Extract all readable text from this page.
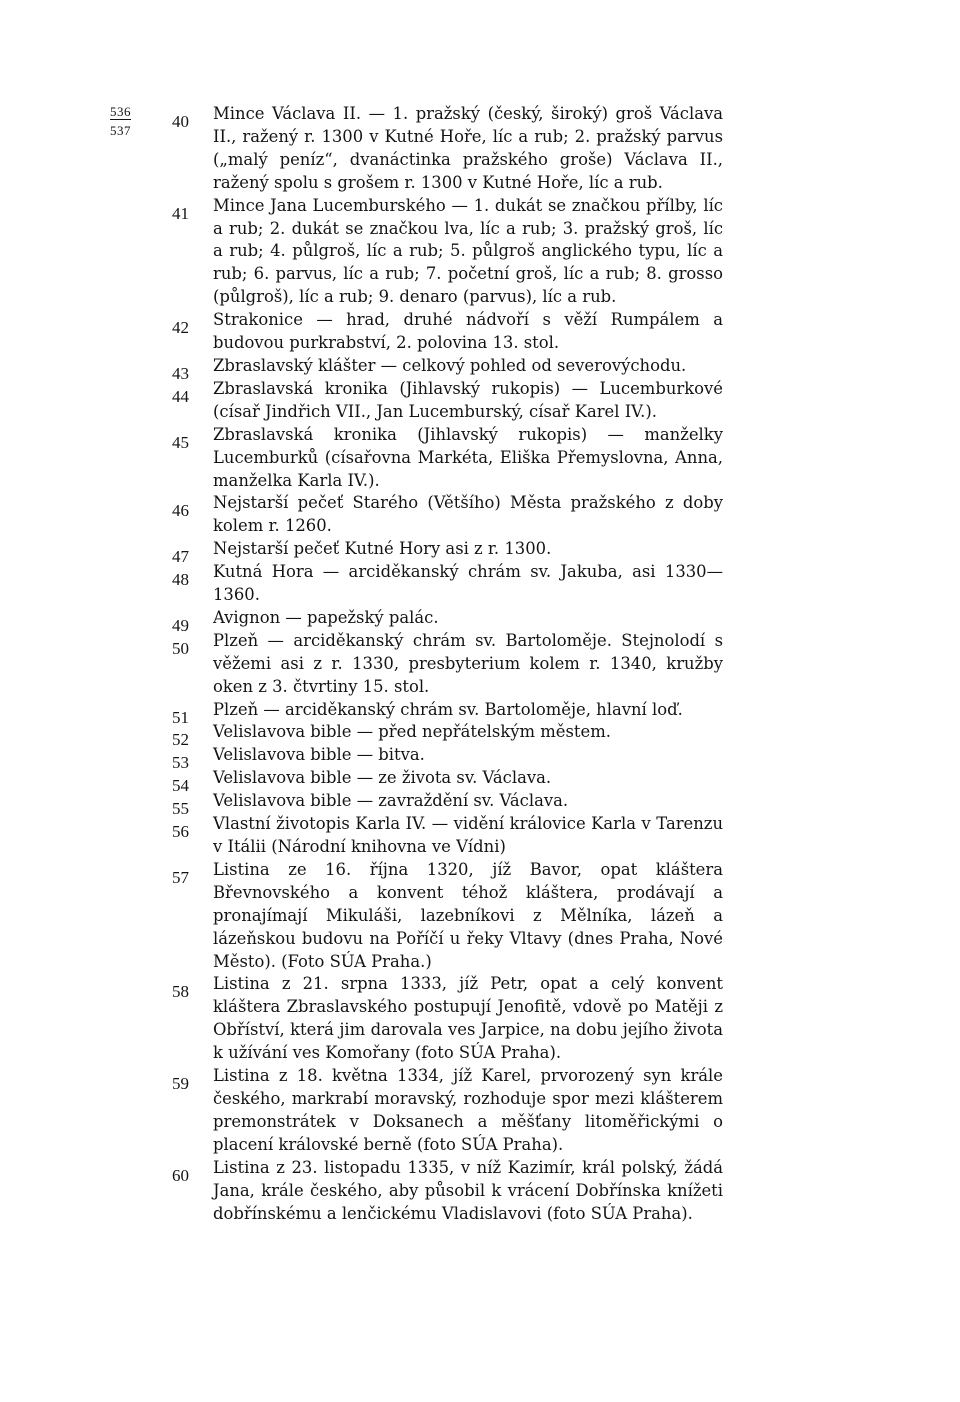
536
537 40 Mince Václava II. — 1. pražský (český, široký) groš Václava II., ražený r. 1300 v Kutné Hoře, líc a rub; 2. pražský parvus („malý peníz“, dvanáctinka pražského groše) Václava II., ražený spolu s grošem r. 1300 v Kutné Hoře, líc a rub.
41 Mince Jana Lucemburského — 1. dukát se značkou přílby, líc a rub; 2. dukát se značkou lva, líc a rub; 3. pražský groš, líc a rub; 4. půlgroš, líc a rub; 5. půlgroš anglického typu, líc a rub; 6. parvus, líc a rub; 7. početní groš, líc a rub; 8. grosso (půlgroš), líc a rub; 9. denaro (parvus), líc a rub.
42 Strakonice — hrad, druhé nádvoří s věží Rumpálem a budovou purkrabství, 2. polovina 13. stol.
43 Zbraslavský klášter — celkový pohled od severovýchodu.
44 Zbraslavská kronika (Jihlavský rukopis) — Lucemburkové (císař Jindřich VII., Jan Lucemburský, císař Karel IV.).
45 Zbraslavská kronika (Jihlavský rukopis) — manželky Lucemburků (císařovna Markéta, Eliška Přemyslovna, Anna, manželka Karla IV.).
46 Nejstarší pečeť Starého (Většího) Města pražského z doby kolem r. 1260.
47 Nejstarší pečeť Kutné Hory asi z r. 1300.
48 Kutná Hora — arciděkanský chrám sv. Jakuba, asi 1330—1360.
49 Avignon — papežský palác.
50 Plzeň — arciděkanský chrám sv. Bartoloměje. Stejnolodí s věžemi asi z r. 1330, presbyterium kolem r. 1340, kružby oken z 3. čtvrtiny 15. stol.
51 Plzeň — arciděkanský chrám sv. Bartoloměje, hlavní loď.
52 Velislavova bible — před nepřátelským městem.
53 Velislavova bible — bitva.
54 Velislavova bible — ze života sv. Václava.
55 Velislavova bible — zavraždění sv. Václava.
56 Vlastní životopis Karla IV. — vidění královice Karla v Tarenzu v Itálii (Národní knihovna ve Vídni)
57 Listina ze 16. října 1320, jíž Bavor, opat kláštera Břevnovského a konvent téhož kláštera, prodávají a pronajímají Mikuláši, lazebníkovi z Mělníka, lázeň a lázeňskou budovu na Poříčí u řeky Vltavy (dnes Praha, Nové Město). (Foto SÚA Praha.)
58 Listina z 21. srpna 1333, jíž Petr, opat a celý konvent kláštera Zbraslavského postupují Jenofitě, vdově po Matěji z Obříství, která jim darovala ves Jarpice, na dobu jejího života k užívání ves Komořany (foto SÚA Praha).
59 Listina z 18. května 1334, jíž Karel, prvorozený syn krále českého, markrabí moravský, rozhoduje spor mezi klášterem premonstrátek v Doksanech a měšťany litoměřickými o placení královské berně (foto SÚA Praha).
60 Listina z 23. listopadu 1335, v níž Kazimír, král polský, žádá Jana, krále českého, aby působil k vrácení Dobřínska knížeti dobřínskému a lenčickému Vladislavovi (foto SÚA Praha).
